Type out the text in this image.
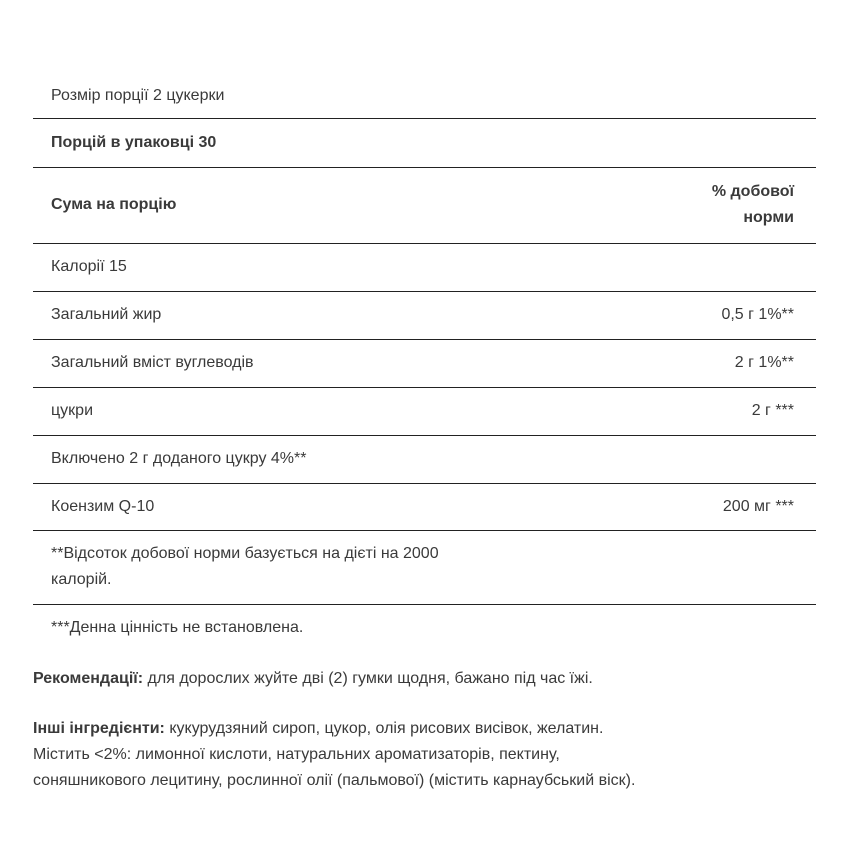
Розмір порції 2 цукерки	
Порцій в упаковці 30	
Сума на порцію	% добової
норми

Калорії 15	
Загальний жир	0,5 г 1%**
Загальний вміст вуглеводів	2 г 1%**
цукри	2 г ***
Включено 2 г доданого цукру 4%**	
Коензим Q-10	200 мг ***

**Відсоток добової норми базується на дієті на 2000
калорій.	

***Денна цінність не встановлена.	
Рекомендації: для дорослих жуйте дві (2) гумки щодня, бажано під час їжі.
Інші інгредієнти: кукурудзяний сироп, цукор, олія рисових висівок, желатин.
Містить <2%: лимонної кислоти, натуральних ароматизаторів, пектину,
соняшникового лецитину, рослинної олії (пальмової) (містить карнаубський віск).
